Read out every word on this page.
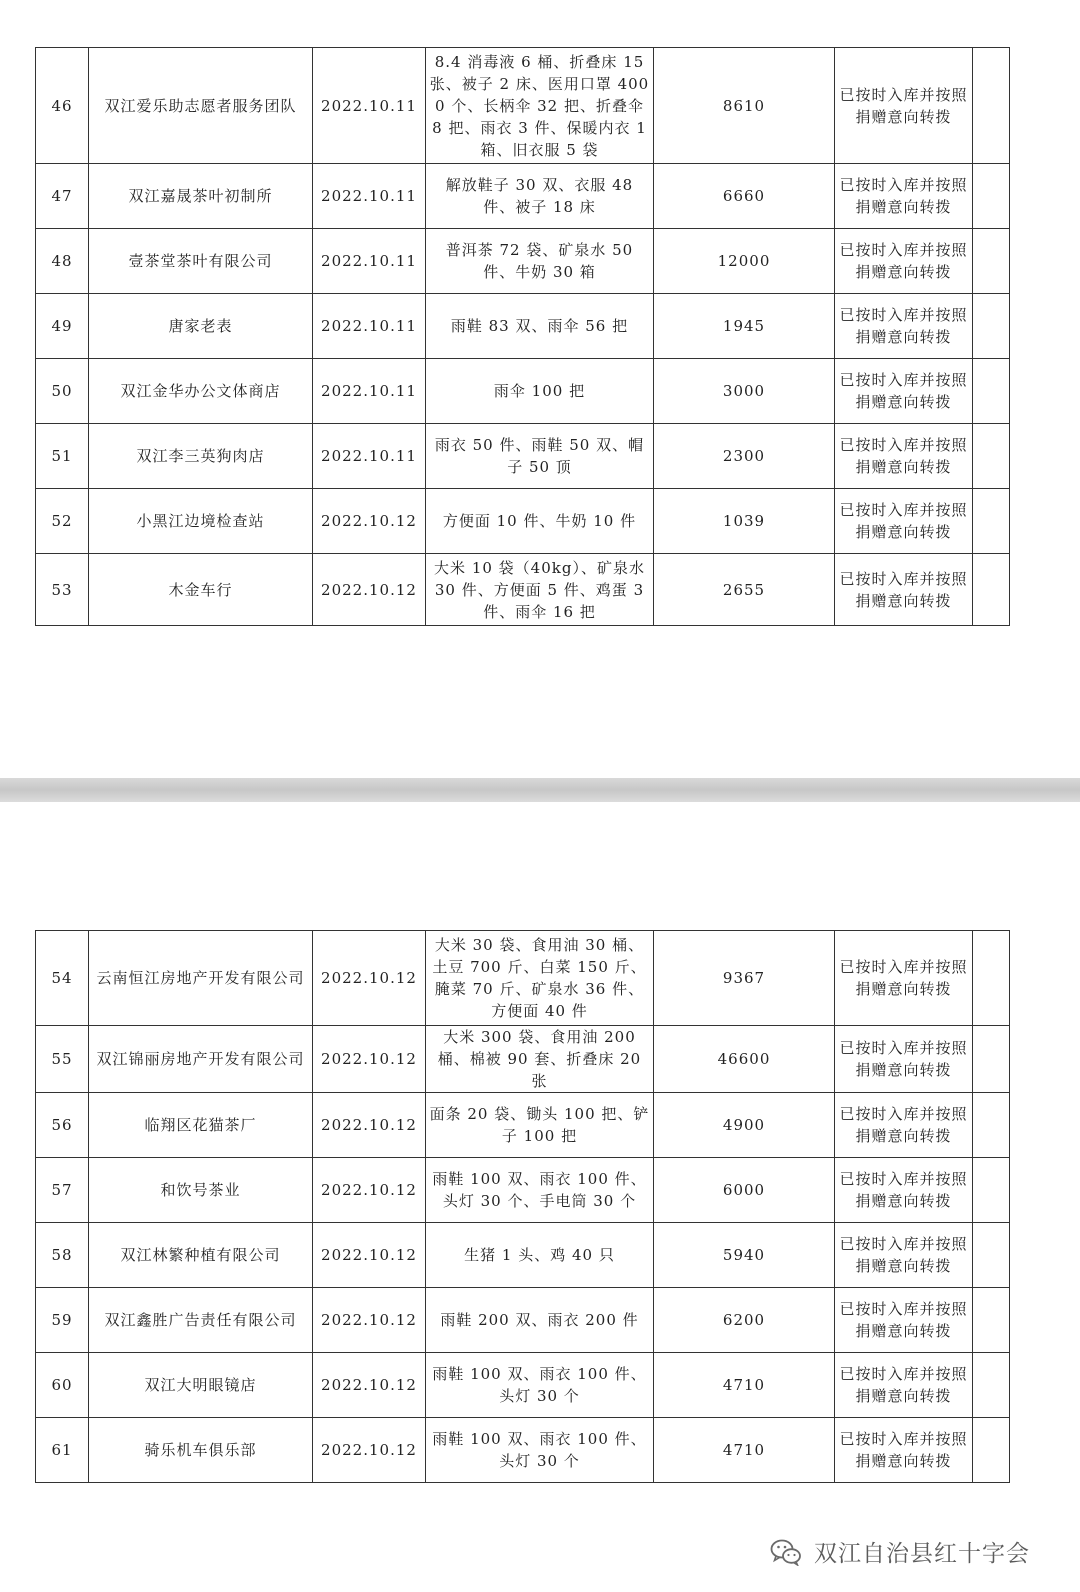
46	双江爱乐助志愿者服务团队	2022.10.11	8.4 消毒液 6 桶、折叠床 15 张、被子 2 床、医用口罩 4000 个、长柄伞 32 把、折叠伞 8 把、雨衣 3 件、保暖内衣 1 箱、旧衣服 5 袋	8610	已按时入库并按照捐赠意向转拨	
47	双江嘉晟茶叶初制所	2022.10.11	解放鞋子 30 双、衣服 48 件、被子 18 床	6660	已按时入库并按照捐赠意向转拨	
48	壹茶堂茶叶有限公司	2022.10.11	普洱茶 72 袋、矿泉水 50 件、牛奶 30 箱	12000	已按时入库并按照捐赠意向转拨	
49	唐家老表	2022.10.11	雨鞋 83 双、雨伞 56 把	1945	已按时入库并按照捐赠意向转拨	
50	双江金华办公文体商店	2022.10.11	雨伞 100 把	3000	已按时入库并按照捐赠意向转拨	
51	双江李三英狗肉店	2022.10.11	雨衣 50 件、雨鞋 50 双、帽子 50 顶	2300	已按时入库并按照捐赠意向转拨	
52	小黑江边境检查站	2022.10.12	方便面 10 件、牛奶 10 件	1039	已按时入库并按照捐赠意向转拨	
53	木金车行	2022.10.12	大米 10 袋（40kg）、矿泉水 30 件、方便面 5 件、鸡蛋 3 件、雨伞 16 把	2655	已按时入库并按照捐赠意向转拨	
54	云南恒江房地产开发有限公司	2022.10.12	大米 30 袋、食用油 30 桶、土豆 700 斤、白菜 150 斤、腌菜 70 斤、矿泉水 36 件、方便面 40 件	9367	已按时入库并按照捐赠意向转拨	
55	双江锦丽房地产开发有限公司	2022.10.12	大米 300 袋、食用油 200 桶、棉被 90 套、折叠床 20 张	46600	已按时入库并按照捐赠意向转拨	
56	临翔区花猫茶厂	2022.10.12	面条 20 袋、锄头 100 把、铲子 100 把	4900	已按时入库并按照捐赠意向转拨	
57	和饮号茶业	2022.10.12	雨鞋 100 双、雨衣 100 件、头灯 30 个、手电筒 30 个	6000	已按时入库并按照捐赠意向转拨	
58	双江林繁种植有限公司	2022.10.12	生猪 1 头、鸡 40 只	5940	已按时入库并按照捐赠意向转拨	
59	双江鑫胜广告责任有限公司	2022.10.12	雨鞋 200 双、雨衣 200 件	6200	已按时入库并按照捐赠意向转拨	
60	双江大明眼镜店	2022.10.12	雨鞋 100 双、雨衣 100 件、头灯 30 个	4710	已按时入库并按照捐赠意向转拨	
61	骑乐机车俱乐部	2022.10.12	雨鞋 100 双、雨衣 100 件、头灯 30 个	4710	已按时入库并按照捐赠意向转拨	
双江自治县红十字会
